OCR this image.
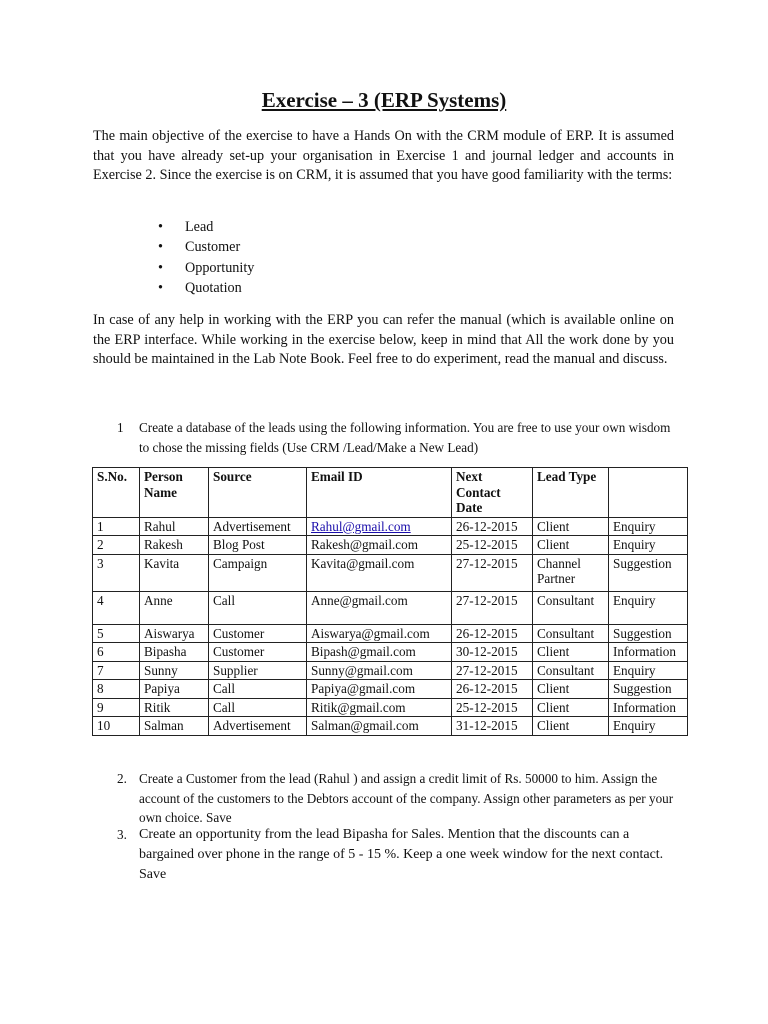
Exercise – 3 (ERP Systems)

The main objective of the exercise to have a Hands On with the CRM module of ERP. It is assumed that you have already set-up your organisation in Exercise 1 and journal ledger and accounts in Exercise 2. Since the exercise is on CRM, it is assumed that you have good familiarity with the terms:

• Lead
• Customer
• Opportunity
• Quotation

In case of any help in working with the ERP you can refer the manual (which is available online on the ERP interface. While working in the exercise below, keep in mind that All the work done by you should be maintained in the Lab Note Book. Feel free to do experiment, read the manual and discuss.

1 Create a database of the leads using the following information. You are free to use your own wisdom to chose the missing fields (Use CRM /Lead/Make a New Lead)
S.No.	Person Name	Source	Email ID	Next Contact Date	Lead Type	
1	Rahul	Advertisement	Rahul@gmail.com	26-12-2015	Client	Enquiry
2	Rakesh	Blog Post	Rakesh@gmail.com	25-12-2015	Client	Enquiry
3	Kavita	Campaign	Kavita@gmail.com	27-12-2015	Channel Partner	Suggestion
4	Anne	Call	Anne@gmail.com	27-12-2015	Consultant	Enquiry
5	Aiswarya	Customer	Aiswarya@gmail.com	26-12-2015	Consultant	Suggestion
6	Bipasha	Customer	Bipash@gmail.com	30-12-2015	Client	Information
7	Sunny	Supplier	Sunny@gmail.com	27-12-2015	Consultant	Enquiry
8	Papiya	Call	Papiya@gmail.com	26-12-2015	Client	Suggestion
9	Ritik	Call	Ritik@gmail.com	25-12-2015	Client	Information
10	Salman	Advertisement	Salman@gmail.com	31-12-2015	Client	Enquiry
2. Create a Customer from the lead (Rahul ) and assign a credit limit of Rs. 50000 to him. Assign the account of the customers to the Debtors account of the company. Assign other parameters as per your own choice. Save
3. Create an opportunity from the lead Bipasha for Sales. Mention that the discounts can a bargained over phone in the range of 5 - 15 %. Keep a one week window for the next contact. Save
